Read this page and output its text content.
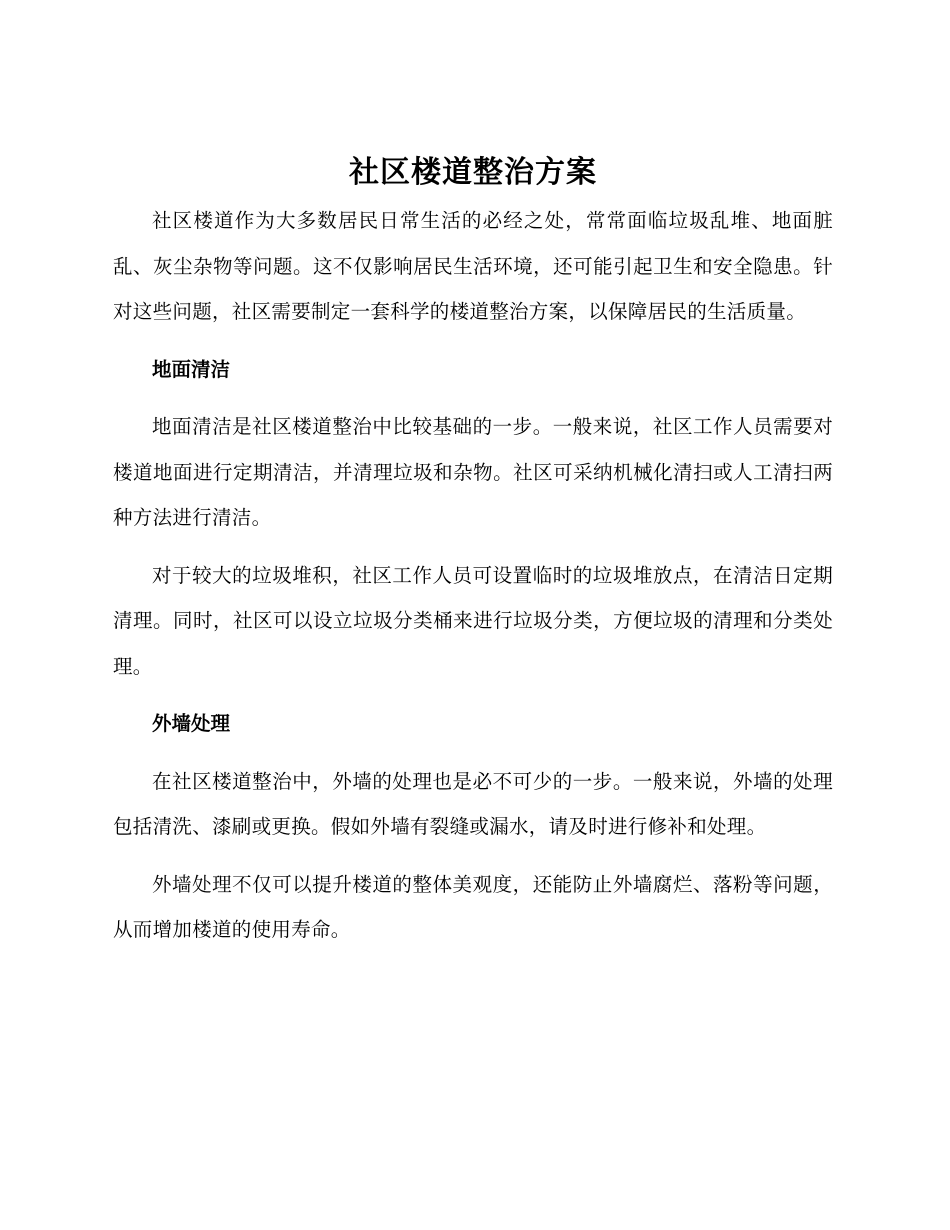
社区楼道整治方案

社区楼道作为大多数居民日常生活的必经之处，常常面临垃圾乱堆、地面脏乱、灰尘杂物等问题。这不仅影响居民生活环境，还可能引起卫生和安全隐患。针对这些问题，社区需要制定一套科学的楼道整治方案，以保障居民的生活质量。

地面清洁

地面清洁是社区楼道整治中比较基础的一步。一般来说，社区工作人员需要对楼道地面进行定期清洁，并清理垃圾和杂物。社区可采纳机械化清扫或人工清扫两种方法进行清洁。

对于较大的垃圾堆积，社区工作人员可设置临时的垃圾堆放点，在清洁日定期清理。同时，社区可以设立垃圾分类桶来进行垃圾分类，方便垃圾的清理和分类处理。

外墙处理

在社区楼道整治中，外墙的处理也是必不可少的一步。一般来说，外墙的处理包括清洗、漆刷或更换。假如外墙有裂缝或漏水，请及时进行修补和处理。

外墙处理不仅可以提升楼道的整体美观度，还能防止外墙腐烂、落粉等问题，从而增加楼道的使用寿命。
